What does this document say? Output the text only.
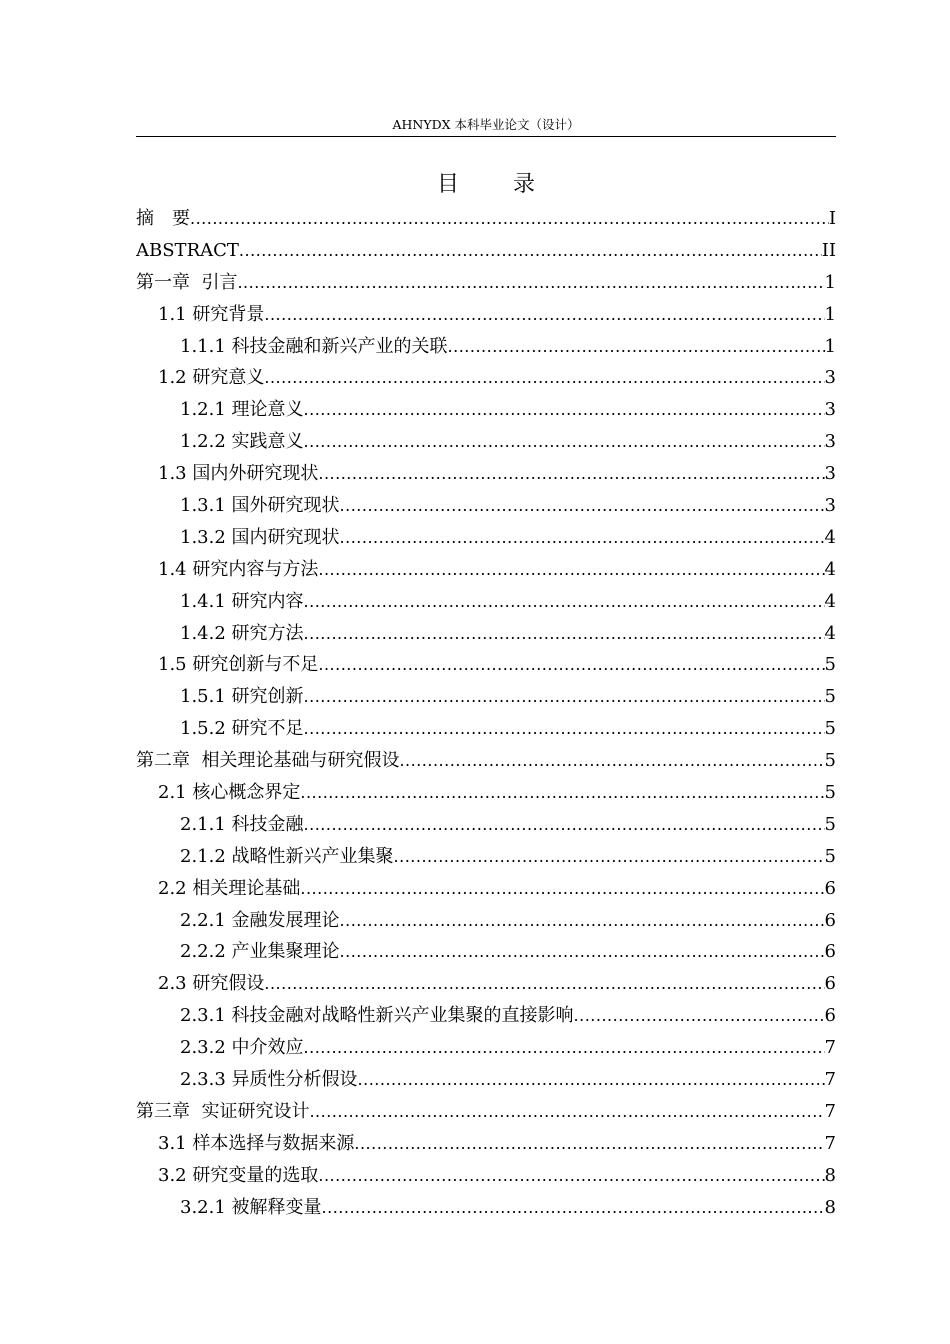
AHNYDX 本科毕业论文（设计）
目　录
摘　要 .....	I
ABSTRACT .....	II
第一章  引言 .....	1
1.1 研究背景 .....	1
1.1.1 科技金融和新兴产业的关联 .....	1
1.2 研究意义 .....	3
1.2.1 理论意义 .....	3
1.2.2 实践意义 .....	3
1.3 国内外研究现状 .....	3
1.3.1 国外研究现状 .....	3
1.3.2 国内研究现状 .....	4
1.4 研究内容与方法 .....	4
1.4.1 研究内容 .....	4
1.4.2 研究方法 .....	4
1.5 研究创新与不足 .....	5
1.5.1 研究创新 .....	5
1.5.2 研究不足 .....	5
第二章  相关理论基础与研究假设 .....	5
2.1 核心概念界定 .....	5
2.1.1 科技金融 .....	5
2.1.2 战略性新兴产业集聚 .....	5
2.2 相关理论基础 .....	6
2.2.1 金融发展理论 .....	6
2.2.2 产业集聚理论 .....	6
2.3 研究假设 .....	6
2.3.1 科技金融对战略性新兴产业集聚的直接影响 .....	6
2.3.2 中介效应 .....	7
2.3.3 异质性分析假设 .....	7
第三章  实证研究设计 .....	7
3.1 样本选择与数据来源 .....	7
3.2 研究变量的选取 .....	8
3.2.1 被解释变量 .....	8
